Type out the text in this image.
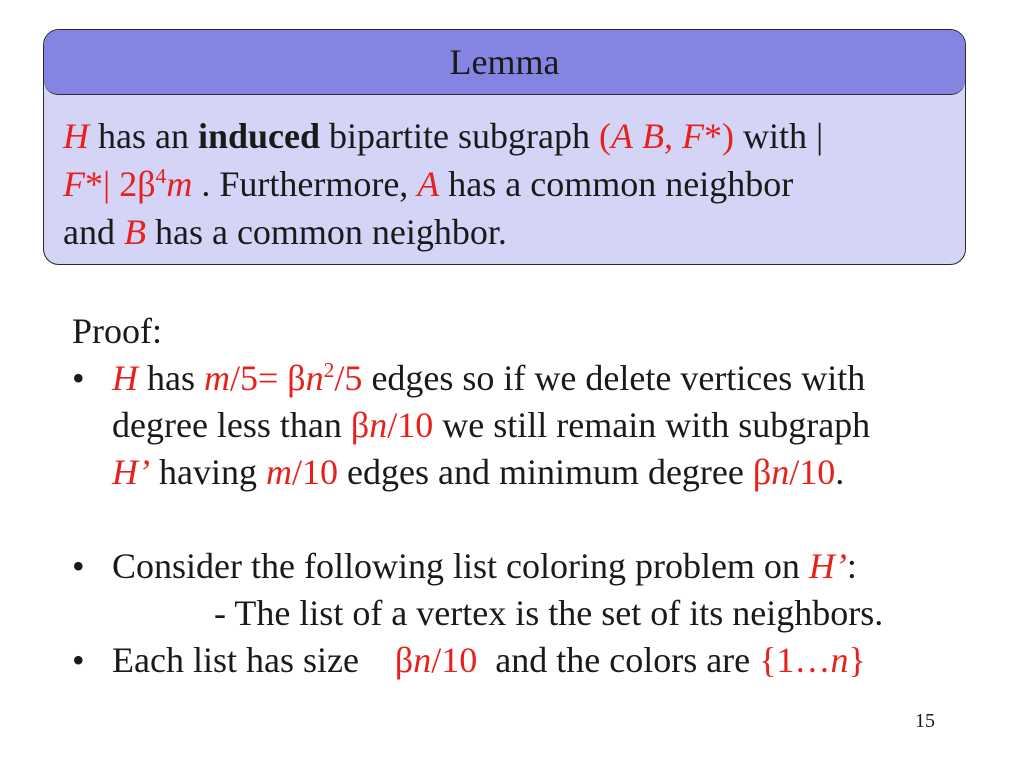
Lemma
H has an induced bipartite subgraph (A B, F*) with |
F*| $2\beta^4m$ . Furthermore, A has a common neighbor
and B has a common neighbor.
Proof:
• H has $m/5= \beta n^2/5$ edges so if we delete vertices with
degree less than βn/10 we still remain with subgraph
H’ having m/10 edges and minimum degree βn/10.
• Consider the following list coloring problem on H’:
- The list of a vertex is the set of its neighbors.
• Each list has size    βn/10  and the colors are {1…n}
15
